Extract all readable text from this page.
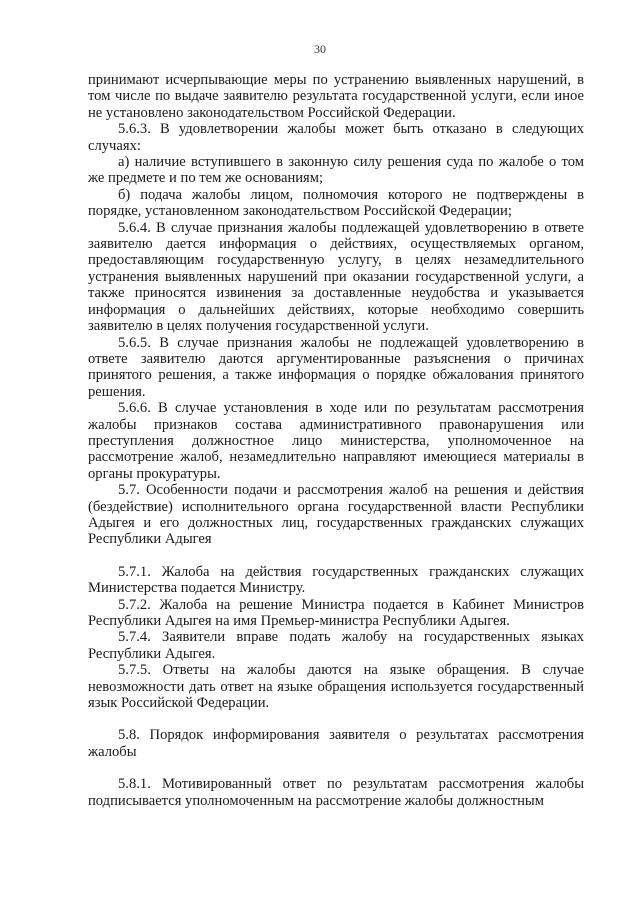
30

принимают исчерпывающие меры по устранению выявленных нарушений, в том числе по выдаче заявителю результата государственной услуги, если иное не установлено законодательством Российской Федерации.

5.6.3. В удовлетворении жалобы может быть отказано в следующих случаях:

а) наличие вступившего в законную силу решения суда по жалобе о том же предмете и по тем же основаниям;

б) подача жалобы лицом, полномочия которого не подтверждены в порядке, установленном законодательством Российской Федерации;

5.6.4. В случае признания жалобы подлежащей удовлетворению в ответе заявителю дается информация о действиях, осуществляемых органом, предоставляющим государственную услугу, в целях незамедлительного устранения выявленных нарушений при оказании государственной услуги, а также приносятся извинения за доставленные неудобства и указывается информация о дальнейших действиях, которые необходимо совершить заявителю в целях получения государственной услуги.

5.6.5. В случае признания жалобы не подлежащей удовлетворению в ответе заявителю даются аргументированные разъяснения о причинах принятого решения, а также информация о порядке обжалования принятого решения.

5.6.6. В случае установления в ходе или по результатам рассмотрения жалобы признаков состава административного правонарушения или преступления должностное лицо министерства, уполномоченное на рассмотрение жалоб, незамедлительно направляют имеющиеся материалы в органы прокуратуры.

5.7. Особенности подачи и рассмотрения жалоб на решения и действия (бездействие) исполнительного органа государственной власти Республики Адыгея и его должностных лиц, государственных гражданских служащих Республики Адыгея

5.7.1. Жалоба на действия государственных гражданских служащих Министерства подается Министру.

5.7.2. Жалоба на решение Министра подается в Кабинет Министров Республики Адыгея на имя Премьер-министра Республики Адыгея.

5.7.4. Заявители вправе подать жалобу на государственных языках Республики Адыгея.

5.7.5. Ответы на жалобы даются на языке обращения. В случае невозможности дать ответ на языке обращения используется государственный язык Российской Федерации.

5.8. Порядок информирования заявителя о результатах рассмотрения жалобы

5.8.1. Мотивированный ответ по результатам рассмотрения жалобы подписывается уполномоченным на рассмотрение жалобы должностным
